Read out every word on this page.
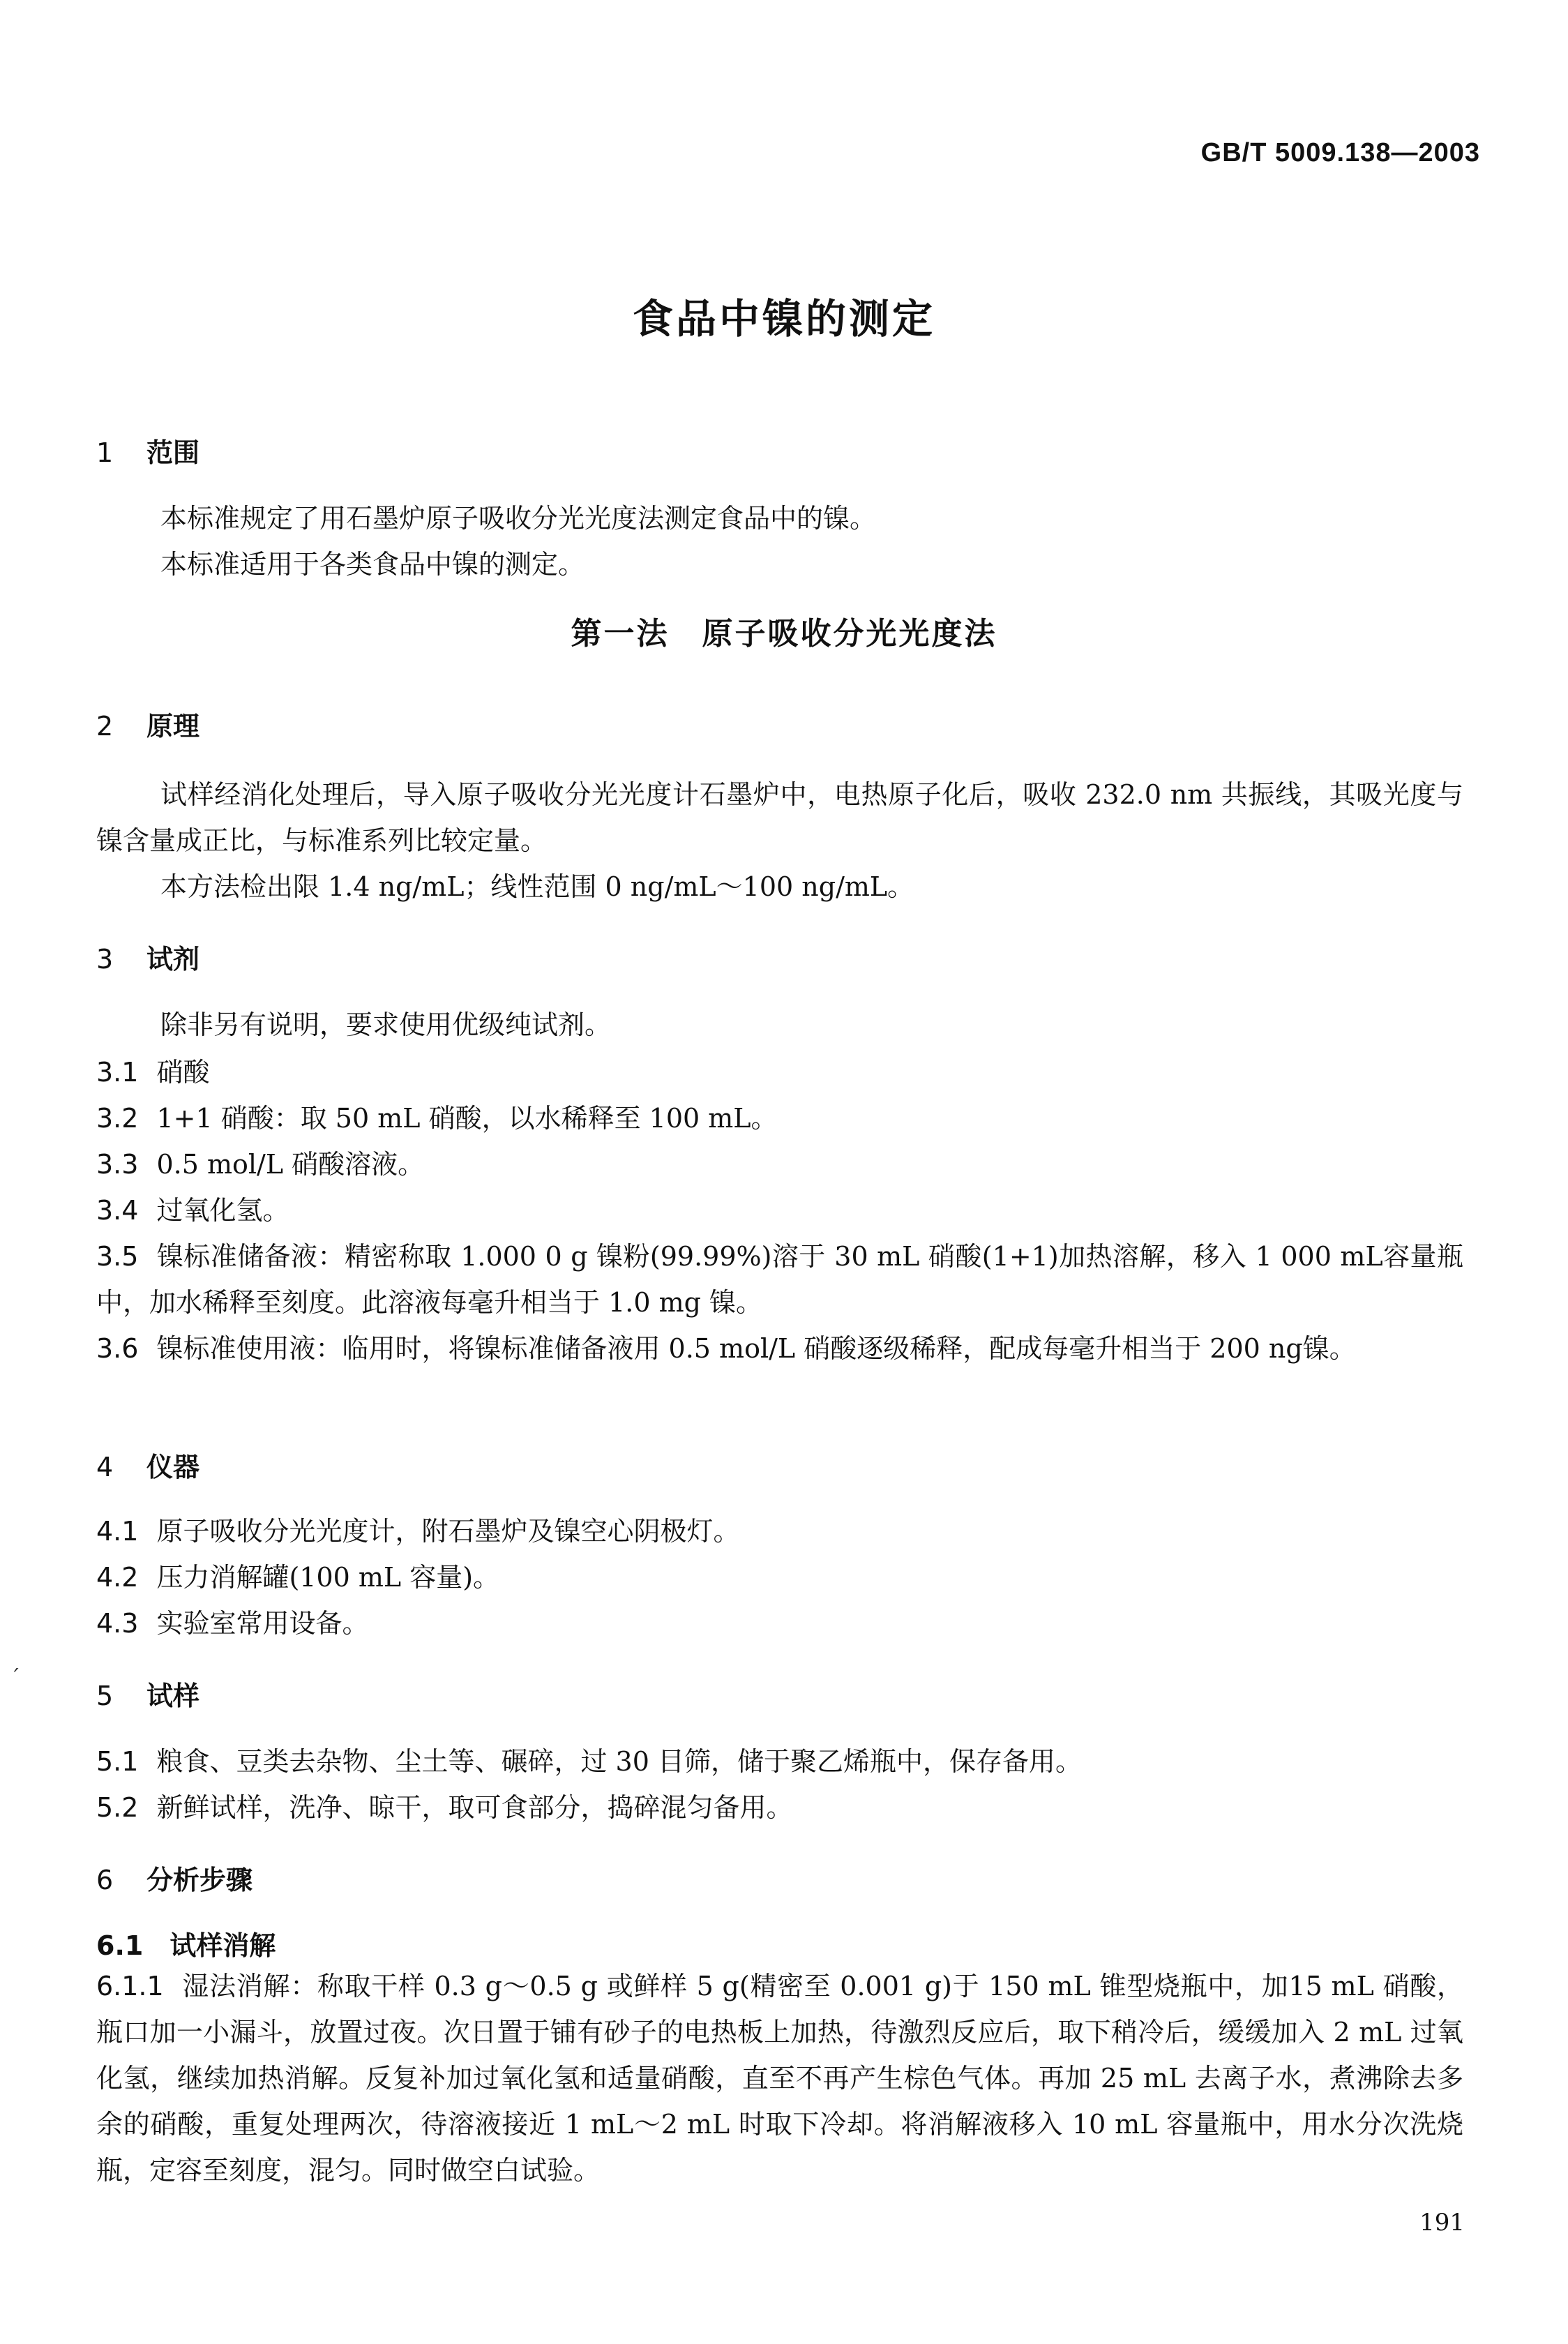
GB/T 5009.138—2003
食品中镍的测定
1 范围
本标准规定了用石墨炉原子吸收分光光度法测定食品中的镍。
本标准适用于各类食品中镍的测定。
第一法　原子吸收分光光度法
2 原理
试样经消化处理后，导入原子吸收分光光度计石墨炉中，电热原子化后，吸收 232.0 nm 共振线，其吸光度与镍含量成正比，与标准系列比较定量。
本方法检出限 1.4 ng/mL；线性范围 0 ng/mL～100 ng/mL。
3 试剂
除非另有说明，要求使用优级纯试剂。
3.1 硝酸
3.2 1+1 硝酸：取 50 mL 硝酸，以水稀释至 100 mL。
3.3 0.5 mol/L 硝酸溶液。
3.4 过氧化氢。
3.5 镍标准储备液：精密称取 1.000 0 g 镍粉(99.99%)溶于 30 mL 硝酸(1+1)加热溶解，移入 1 000 mL容量瓶中，加水稀释至刻度。此溶液每毫升相当于 1.0 mg 镍。
3.6 镍标准使用液：临用时，将镍标准储备液用 0.5 mol/L 硝酸逐级稀释，配成每毫升相当于 200 ng镍。
4 仪器
4.1 原子吸收分光光度计，附石墨炉及镍空心阴极灯。
4.2 压力消解罐(100 mL 容量)。
4.3 实验室常用设备。
´
5 试样
5.1 粮食、豆类去杂物、尘土等、碾碎，过 30 目筛，储于聚乙烯瓶中，保存备用。
5.2 新鲜试样，洗净、晾干，取可食部分，捣碎混匀备用。
6 分析步骤
6.1　试样消解
6.1.1 湿法消解：称取干样 0.3 g～0.5 g 或鲜样 5 g(精密至 0.001 g)于 150 mL 锥型烧瓶中，加15 mL 硝酸，瓶口加一小漏斗，放置过夜。次日置于铺有砂子的电热板上加热，待激烈反应后，取下稍冷后，缓缓加入 2 mL 过氧化氢，继续加热消解。反复补加过氧化氢和适量硝酸，直至不再产生棕色气体。再加 25 mL 去离子水，煮沸除去多余的硝酸，重复处理两次，待溶液接近 1 mL～2 mL 时取下冷却。将消解液移入 10 mL 容量瓶中，用水分次洗烧瓶，定容至刻度，混匀。同时做空白试验。
191
